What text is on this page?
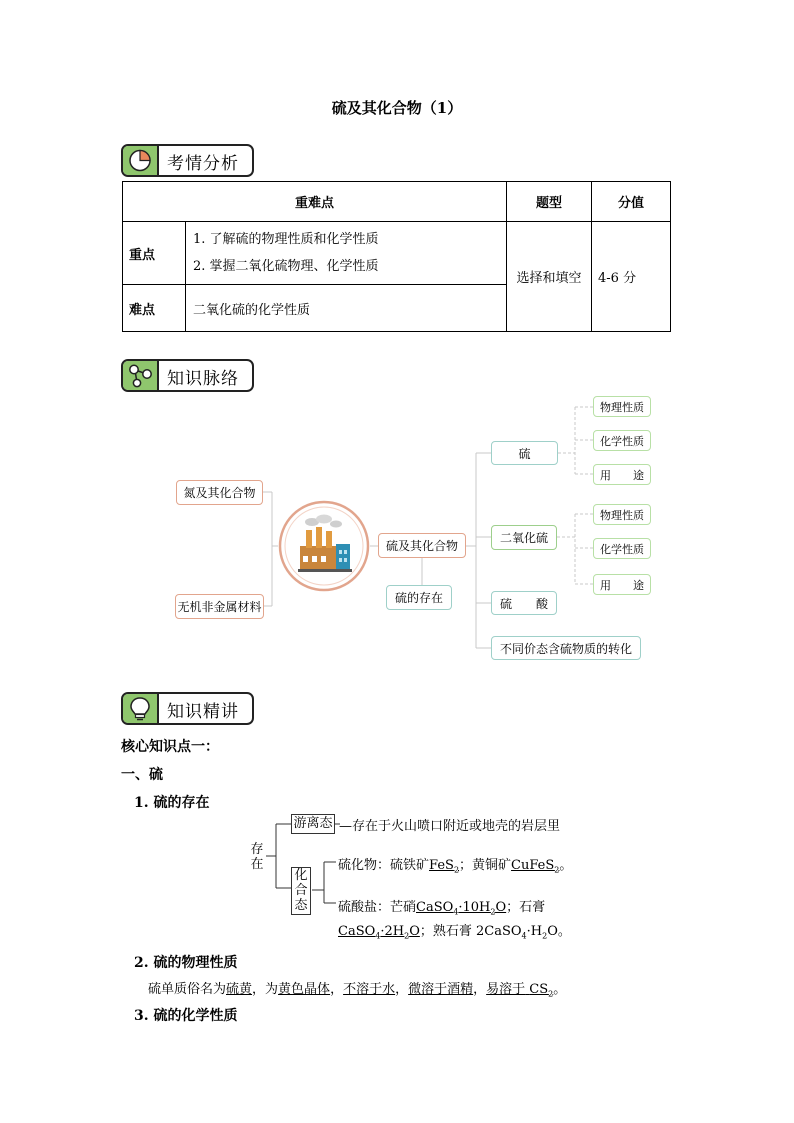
硫及其化合物（1）
考情分析
重难点		题型	分值
重点	1. 了解硫的物理性质和化学性质
2. 掌握二氧化硫物理、化学性质	选择和填空	4-6 分
难点	二氧化硫的化学性质		
知识脉络
氮及其化合物
无机非金属材料
硫及其化合物
硫的存在
硫
二氧化硫
硫　　酸
不同价态含硫物质的转化
物理性质
化学性质
用　　途
物理性质
化学性质
用　　途
知识精讲
核心知识点一：
一、硫
1. 硫的存在
存在
游离态 —存在于火山喷口附近或地壳的岩层里
化合态
硫化物：硫铁矿FeS$_2$；黄铜矿CuFeS$_2$。
硫酸盐：芒硝$CaSO_4\cdot 10H_2O$；石膏
$CaSO_4\cdot 2H_2O$；熟石膏 $2CaSO_4\cdot H_2O$。
2. 硫的物理性质
硫单质俗名为硫黄，为黄色晶体，不溶于水，微溶于酒精，易溶于 $CS_2$。
3. 硫的化学性质
